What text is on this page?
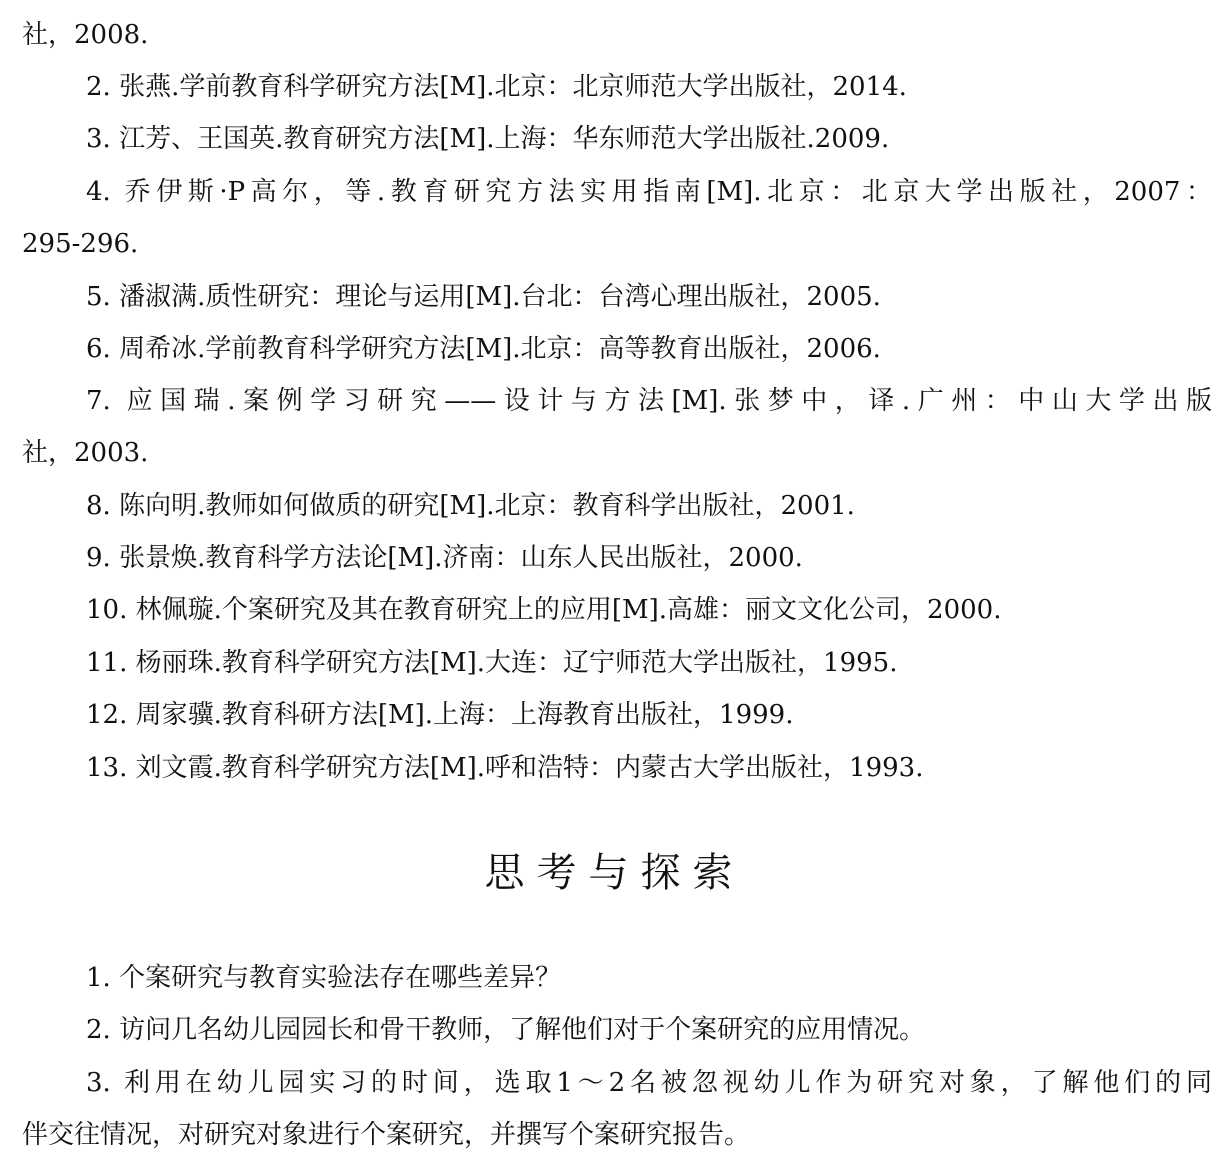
社，2008.
2. 张燕.学前教育科学研究方法[M].北京：北京师范大学出版社，2014.
3. 江芳、王国英.教育研究方法[M].上海：华东师范大学出版社.2009.
4. 乔伊斯·P高尔，等.教育研究方法实用指南[M].北京：北京大学出版社，2007：
295-296.
5. 潘淑满.质性研究：理论与运用[M].台北：台湾心理出版社，2005.
6. 周希冰.学前教育科学研究方法[M].北京：高等教育出版社，2006.
7. 应国瑞.案例学习研究——设计与方法[M].张梦中，译.广州：中山大学出版
社，2003.
8. 陈向明.教师如何做质的研究[M].北京：教育科学出版社，2001.
9. 张景焕.教育科学方法论[M].济南：山东人民出版社，2000.
10. 林佩璇.个案研究及其在教育研究上的应用[M].高雄：丽文文化公司，2000.
11. 杨丽珠.教育科学研究方法[M].大连：辽宁师范大学出版社，1995.
12. 周家骥.教育科研方法[M].上海：上海教育出版社，1999.
13. 刘文霞.教育科学研究方法[M].呼和浩特：内蒙古大学出版社，1993.
思考与探索
1. 个案研究与教育实验法存在哪些差异？
2. 访问几名幼儿园园长和骨干教师，了解他们对于个案研究的应用情况。
3. 利用在幼儿园实习的时间，选取1～2名被忽视幼儿作为研究对象，了解他们的同
伴交往情况，对研究对象进行个案研究，并撰写个案研究报告。
